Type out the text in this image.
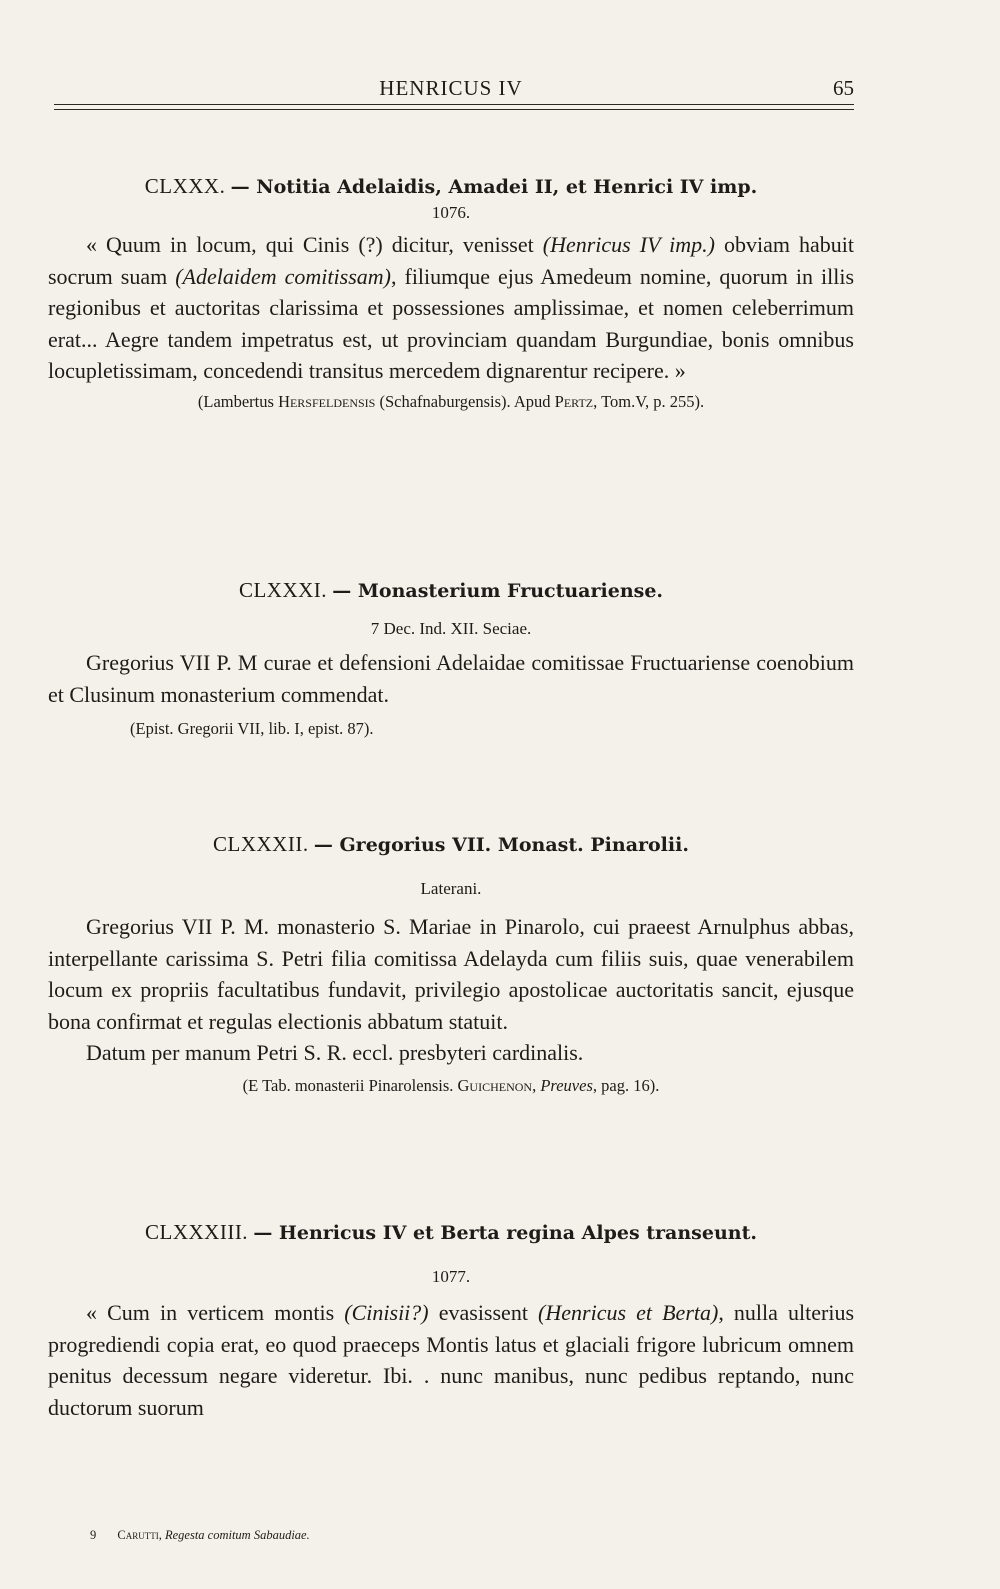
HENRICUS IV	65
CLXXX. — Notitia Adelaidis, Amadei II, et Henrici IV imp.

1076.

« Quum in locum, qui Cinis (?) dicitur, venisset (Henricus IV imp.) obviam habuit socrum suam (Adelaidem comitissam), filiumque ejus Amedeum nomine, quorum in illis regionibus et auctoritas clarissima et possessiones amplissimae, et nomen celeberrimum erat... Aegre tandem impetratus est, ut provinciam quandam Burgundiae, bonis omnibus locupletissimam, concedendi transitus mercedem dignarentur recipere. »

(Lambertus Hersfeldensis (Schafnaburgensis). Apud Pertz, Tom.V, p. 255).

CLXXXI. — Monasterium Fructuariense.

7 Dec. Ind. XII. Seciae.

Gregorius VII P. M curae et defensioni Adelaidae comitissae Fructuariense coenobium et Clusinum monasterium commendat.

(Epist. Gregorii VII, lib. I, epist. 87).

CLXXXII. — Gregorius VII. Monast. Pinarolii.

Laterani.

Gregorius VII P. M. monasterio S. Mariae in Pinarolo, cui praeest Arnulphus abbas, interpellante carissima S. Petri filia comitissa Adelayda cum filiis suis, quae venerabilem locum ex propriis facultatibus fundavit, privilegio apostolicae auctoritatis sancit, ejusque bona confirmat et regulas electionis abbatum statuit.

Datum per manum Petri S. R. eccl. presbyteri cardinalis.

(E Tab. monasterii Pinarolensis. Guichenon, Preuves, pag. 16).

CLXXXIII. — Henricus IV et Berta regina Alpes transeunt.

1077.

« Cum in verticem montis (Cinisii?) evasissent (Henricus et Berta), nulla ulterius progrediendi copia erat, eo quod praeceps Montis latus et glaciali frigore lubricum omnem penitus decessum negare videretur. Ibi. . nunc manibus, nunc pedibus reptando, nunc ductorum suorum

9 Carutti, Regesta comitum Sabaudiae.
